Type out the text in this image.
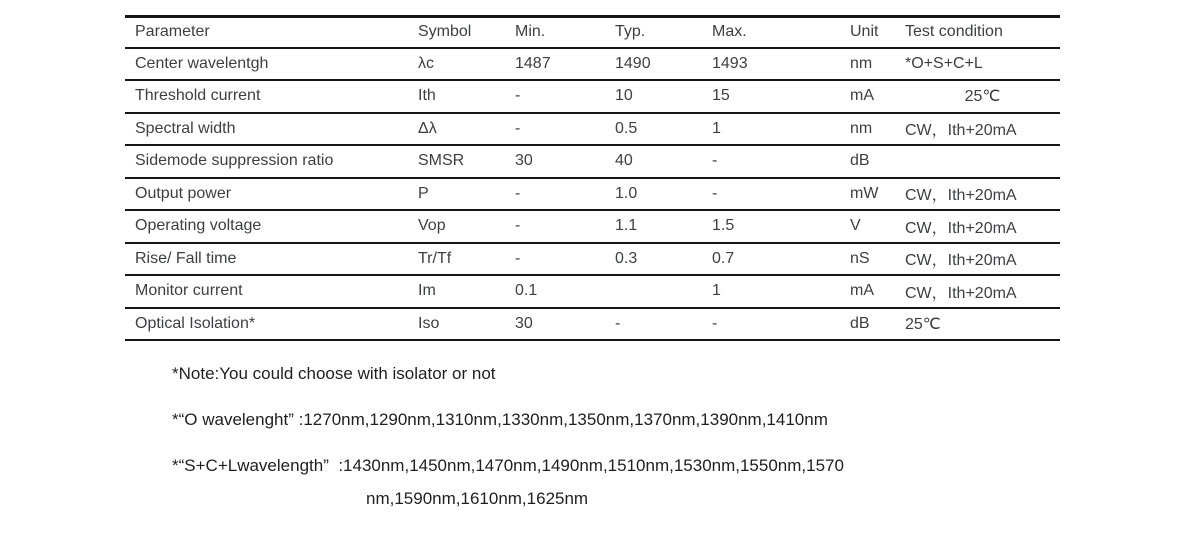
Parameter	Symbol	Min.	Typ.	Max.	Unit	Test condition
Center wavelentgh	λc	1487	1490	1493	nm	*O+S+C+L
Threshold current	Ith	-	10	15	mA	25℃
Spectral width	Δλ	-	0.5	1	nm	CW，Ith+20mA
Sidemode suppression ratio	SMSR	30	40	-	dB	
Output power	P	-	1.0	-	mW	CW，Ith+20mA
Operating voltage	Vop	-	1.1	1.5	V	CW，Ith+20mA
Rise/ Fall time	Tr/Tf	-	0.3	0.7	nS	CW，Ith+20mA
Monitor current	Im	0.1		1	mA	CW，Ith+20mA
Optical Isolation*	Iso	30	-	-	dB	25℃
*Note:You could choose with isolator or not
*“O wavelenght” :1270nm,1290nm,1310nm,1330nm,1350nm,1370nm,1390nm,1410nm
*“S+C+Lwavelength”  :1430nm,1450nm,1470nm,1490nm,1510nm,1530nm,1550nm,1570
nm,1590nm,1610nm,1625nm
